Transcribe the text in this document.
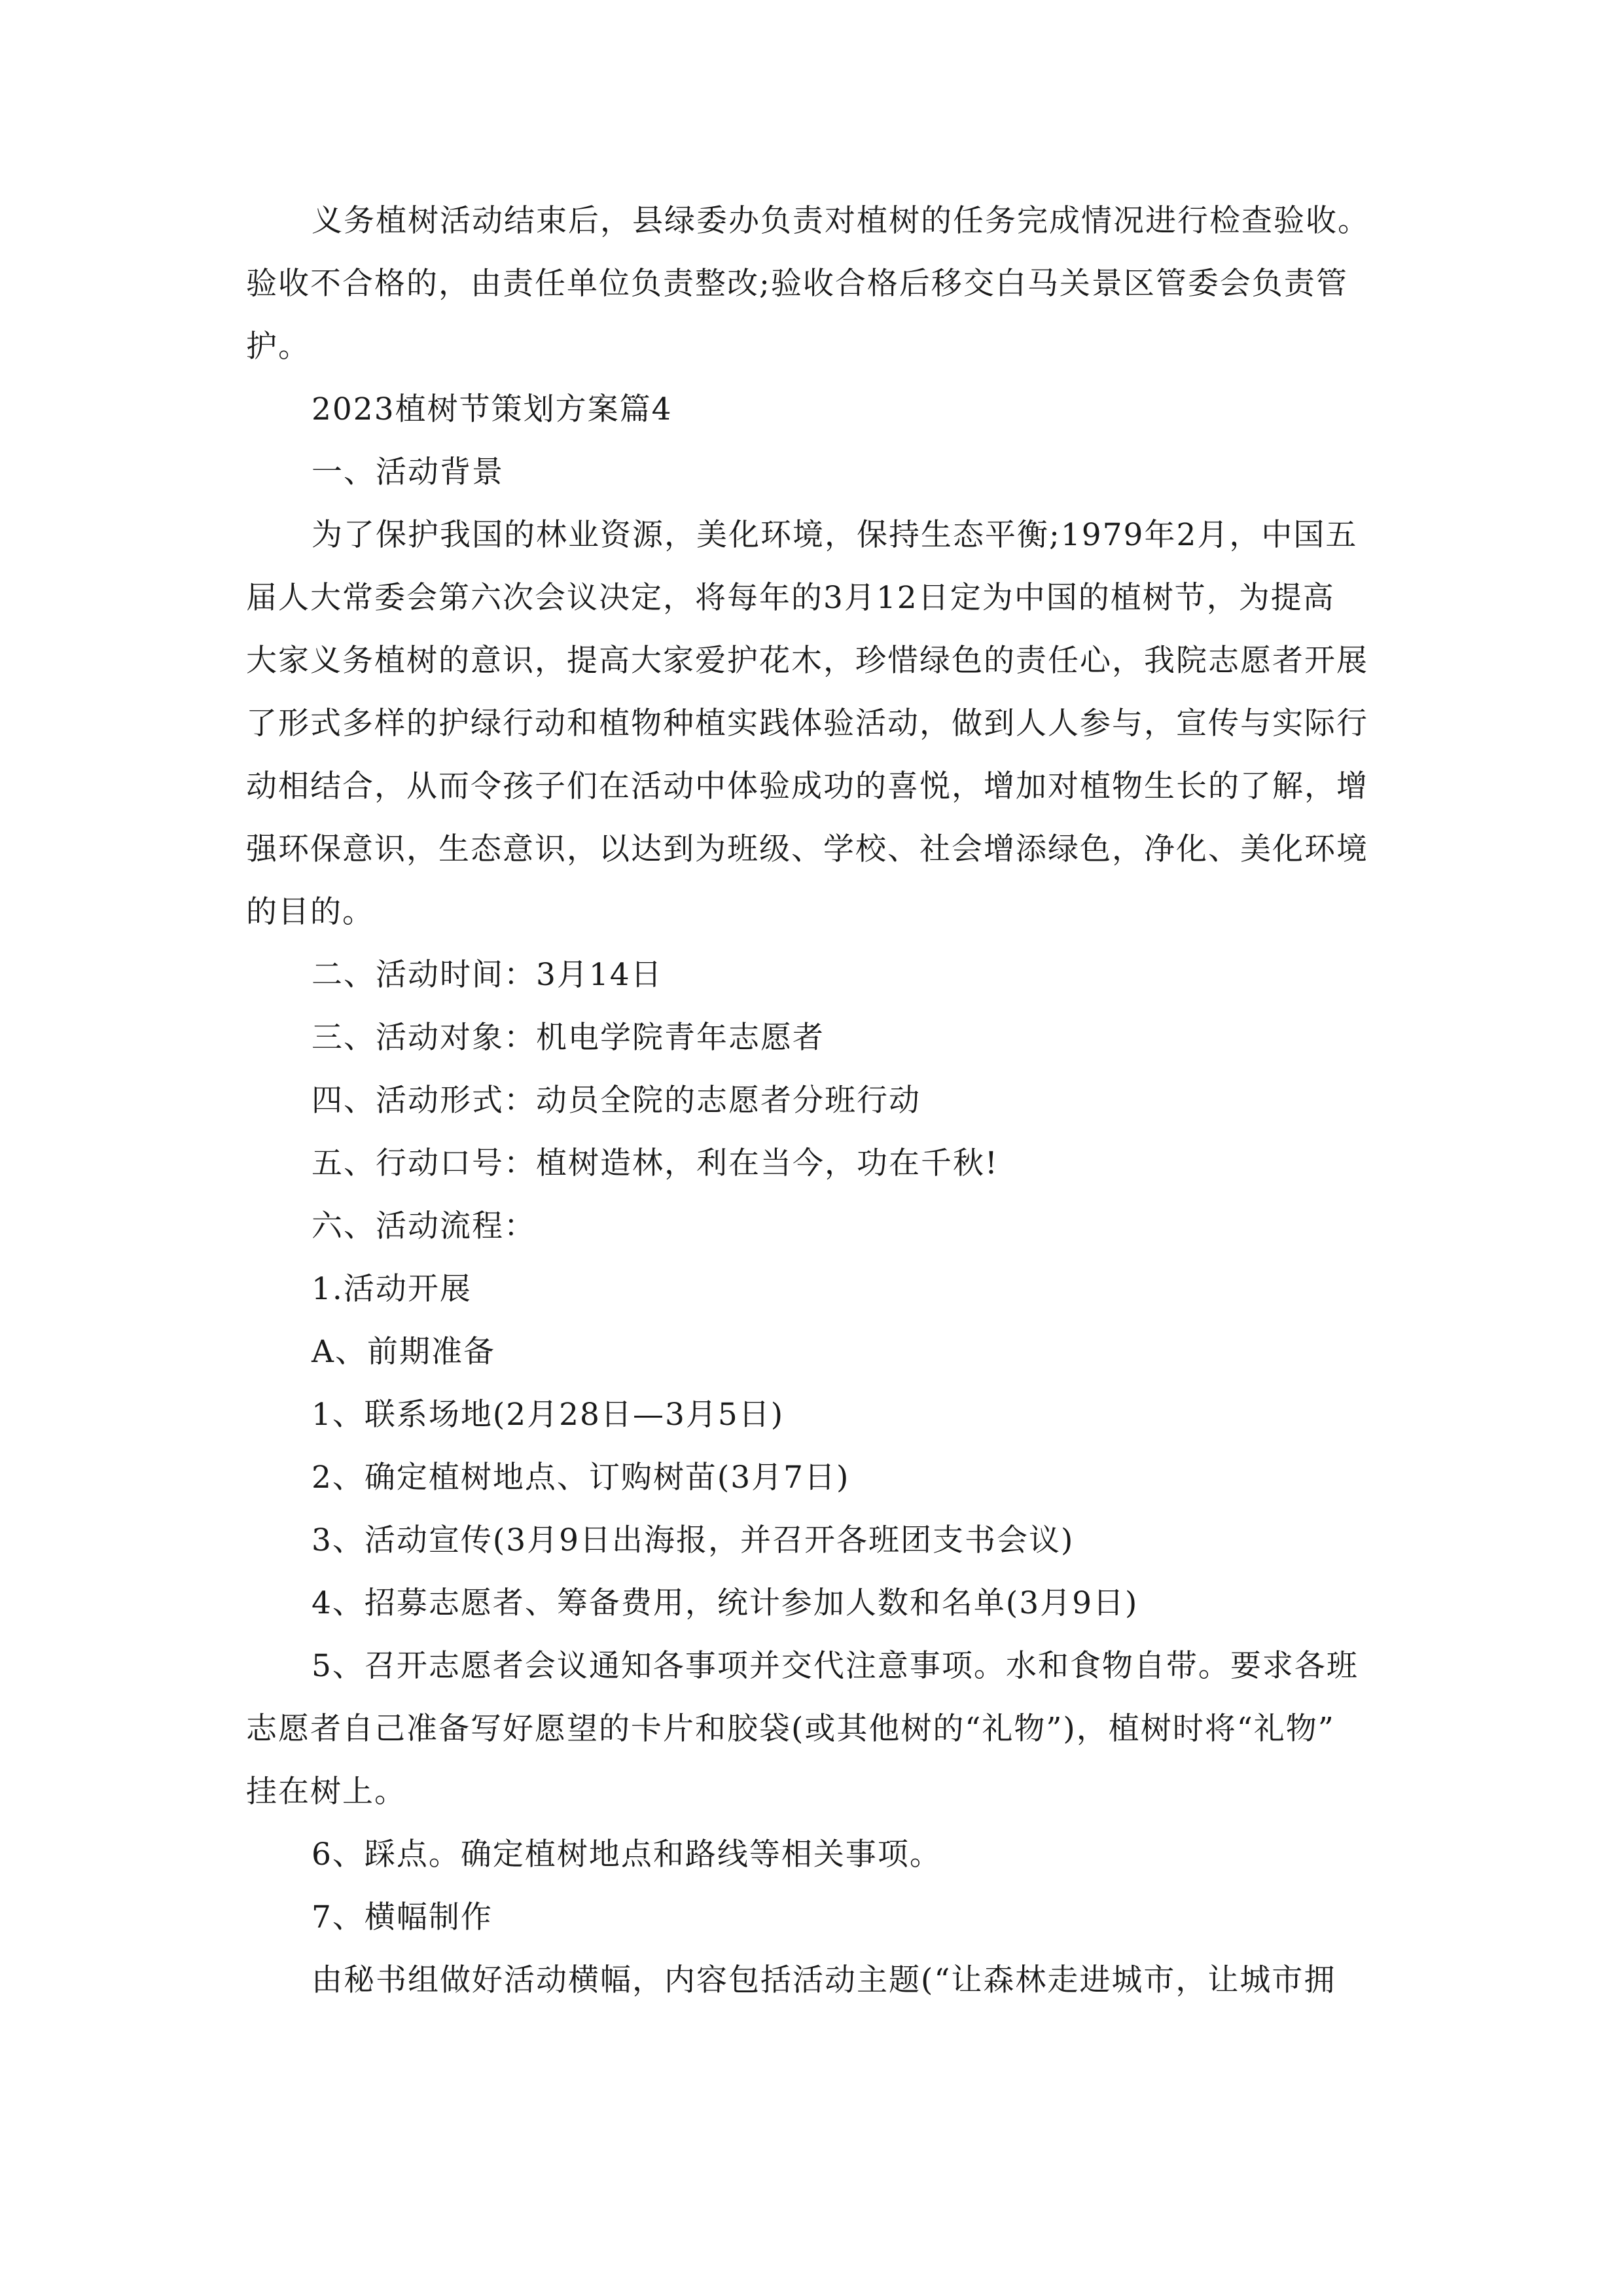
义务植树活动结束后，县绿委办负责对植树的任务完成情况进行检查验收。
验收不合格的，由责任单位负责整改;验收合格后移交白马关景区管委会负责管
护。

2023植树节策划方案篇4

一、活动背景

为了保护我国的林业资源，美化环境，保持生态平衡;1979年2月，中国五
届人大常委会第六次会议决定，将每年的3月12日定为中国的植树节，为提高
大家义务植树的意识，提高大家爱护花木，珍惜绿色的责任心，我院志愿者开展
了形式多样的护绿行动和植物种植实践体验活动，做到人人参与，宣传与实际行
动相结合，从而令孩子们在活动中体验成功的喜悦，增加对植物生长的了解，增
强环保意识，生态意识，以达到为班级、学校、社会增添绿色，净化、美化环境
的目的。

二、活动时间：3月14日

三、活动对象：机电学院青年志愿者

四、活动形式：动员全院的志愿者分班行动

五、行动口号：植树造林，利在当今，功在千秋!

六、活动流程：

1.活动开展

A、前期准备

1、联系场地(2月28日—3月5日)

2、确定植树地点、订购树苗(3月7日)

3、活动宣传(3月9日出海报，并召开各班团支书会议)

4、招募志愿者、筹备费用，统计参加人数和名单(3月9日)

5、召开志愿者会议通知各事项并交代注意事项。水和食物自带。要求各班
志愿者自己准备写好愿望的卡片和胶袋(或其他树的“礼物”)，植树时将“礼物”
挂在树上。

6、踩点。确定植树地点和路线等相关事项。

7、横幅制作

由秘书组做好活动横幅，内容包括活动主题(“让森林走进城市，让城市拥
